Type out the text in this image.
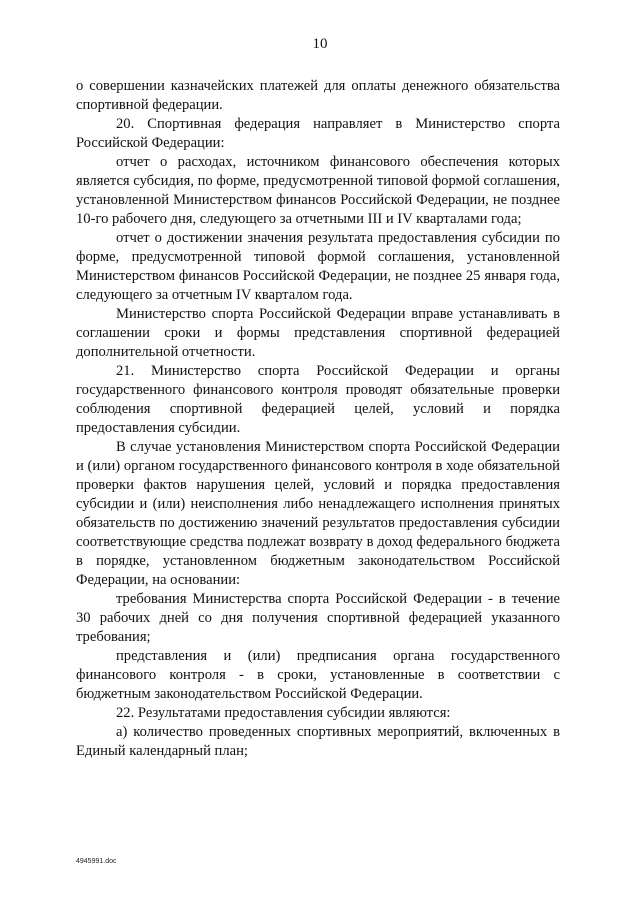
10

о совершении казначейских платежей для оплаты денежного обязательства спортивной федерации.

20. Спортивная федерация направляет в Министерство спорта Российской Федерации:

отчет о расходах, источником финансового обеспечения которых является субсидия, по форме, предусмотренной типовой формой соглашения, установленной Министерством финансов Российской Федерации, не позднее 10-го рабочего дня, следующего за отчетными III и IV кварталами года;

отчет о достижении значения результата предоставления субсидии по форме, предусмотренной типовой формой соглашения, установленной Министерством финансов Российской Федерации, не позднее 25 января года, следующего за отчетным IV кварталом года.

Министерство спорта Российской Федерации вправе устанавливать в соглашении сроки и формы представления спортивной федерацией дополнительной отчетности.

21. Министерство спорта Российской Федерации и органы государственного финансового контроля проводят обязательные проверки соблюдения спортивной федерацией целей, условий и порядка предоставления субсидии.

В случае установления Министерством спорта Российской Федерации и (или) органом государственного финансового контроля в ходе обязательной проверки фактов нарушения целей, условий и порядка предоставления субсидии и (или) неисполнения либо ненадлежащего исполнения принятых обязательств по достижению значений результатов предоставления субсидии соответствующие средства подлежат возврату в доход федерального бюджета в порядке, установленном бюджетным законодательством Российской Федерации, на основании:

требования Министерства спорта Российской Федерации - в течение 30 рабочих дней со дня получения спортивной федерацией указанного требования;

представления и (или) предписания органа государственного финансового контроля - в сроки, установленные в соответствии с бюджетным законодательством Российской Федерации.

22. Результатами предоставления субсидии являются:

а) количество проведенных спортивных мероприятий, включенных в Единый календарный план;

4945991.doc
